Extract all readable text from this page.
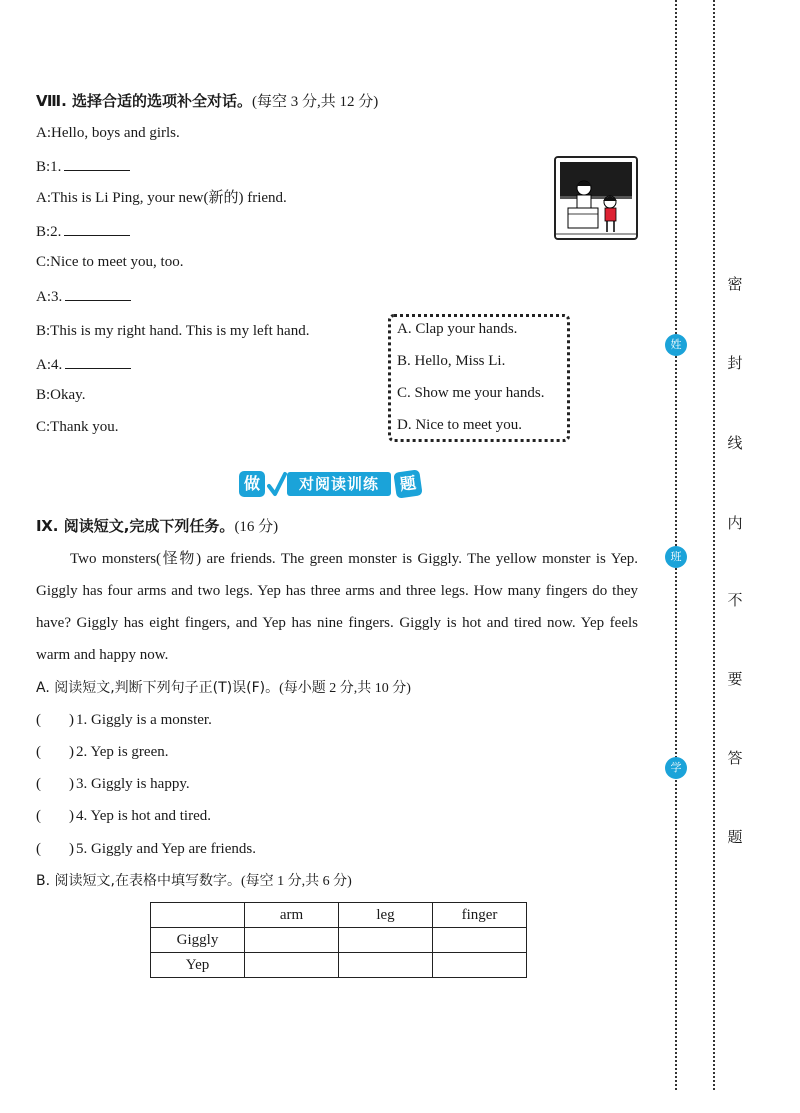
Ⅷ. 选择合适的选项补全对话。(每空 3 分,共 12 分)
A:Hello, boys and girls.
B:1.
A:This is Li Ping, your new(新的) friend.
B:2.
C:Nice to meet you, too.
A:3.
B:This is my right hand. This is my left hand.
A:4.
B:Okay.
C:Thank you.
A. Clap your hands.
B. Hello, Miss Li.
C. Show me your hands.
D. Nice to meet you.
做	对阅读训练	题
Ⅸ. 阅读短文,完成下列任务。(16 分)
Two monsters(怪物) are friends. The green monster is Giggly. The yellow monster is Yep. Giggly has four arms and two legs. Yep has three arms and three legs. How many fingers do they have? Giggly has eight fingers, and Yep has nine fingers. Giggly is hot and tired now. Yep feels warm and happy now.
A. 阅读短文,判断下列句子正(T)误(F)。(每小题 2 分,共 10 分)
( ) 1. Giggly is a monster.
( ) 2. Yep is green.
( ) 3. Giggly is happy.
( ) 4. Yep is hot and tired.
( ) 5. Giggly and Yep are friends.
B. 阅读短文,在表格中填写数字。(每空 1 分,共 6 分)
	arm	leg	finger
Giggly			
Yep			
姓
班
学
密
封
线
内
不
要
答
题
